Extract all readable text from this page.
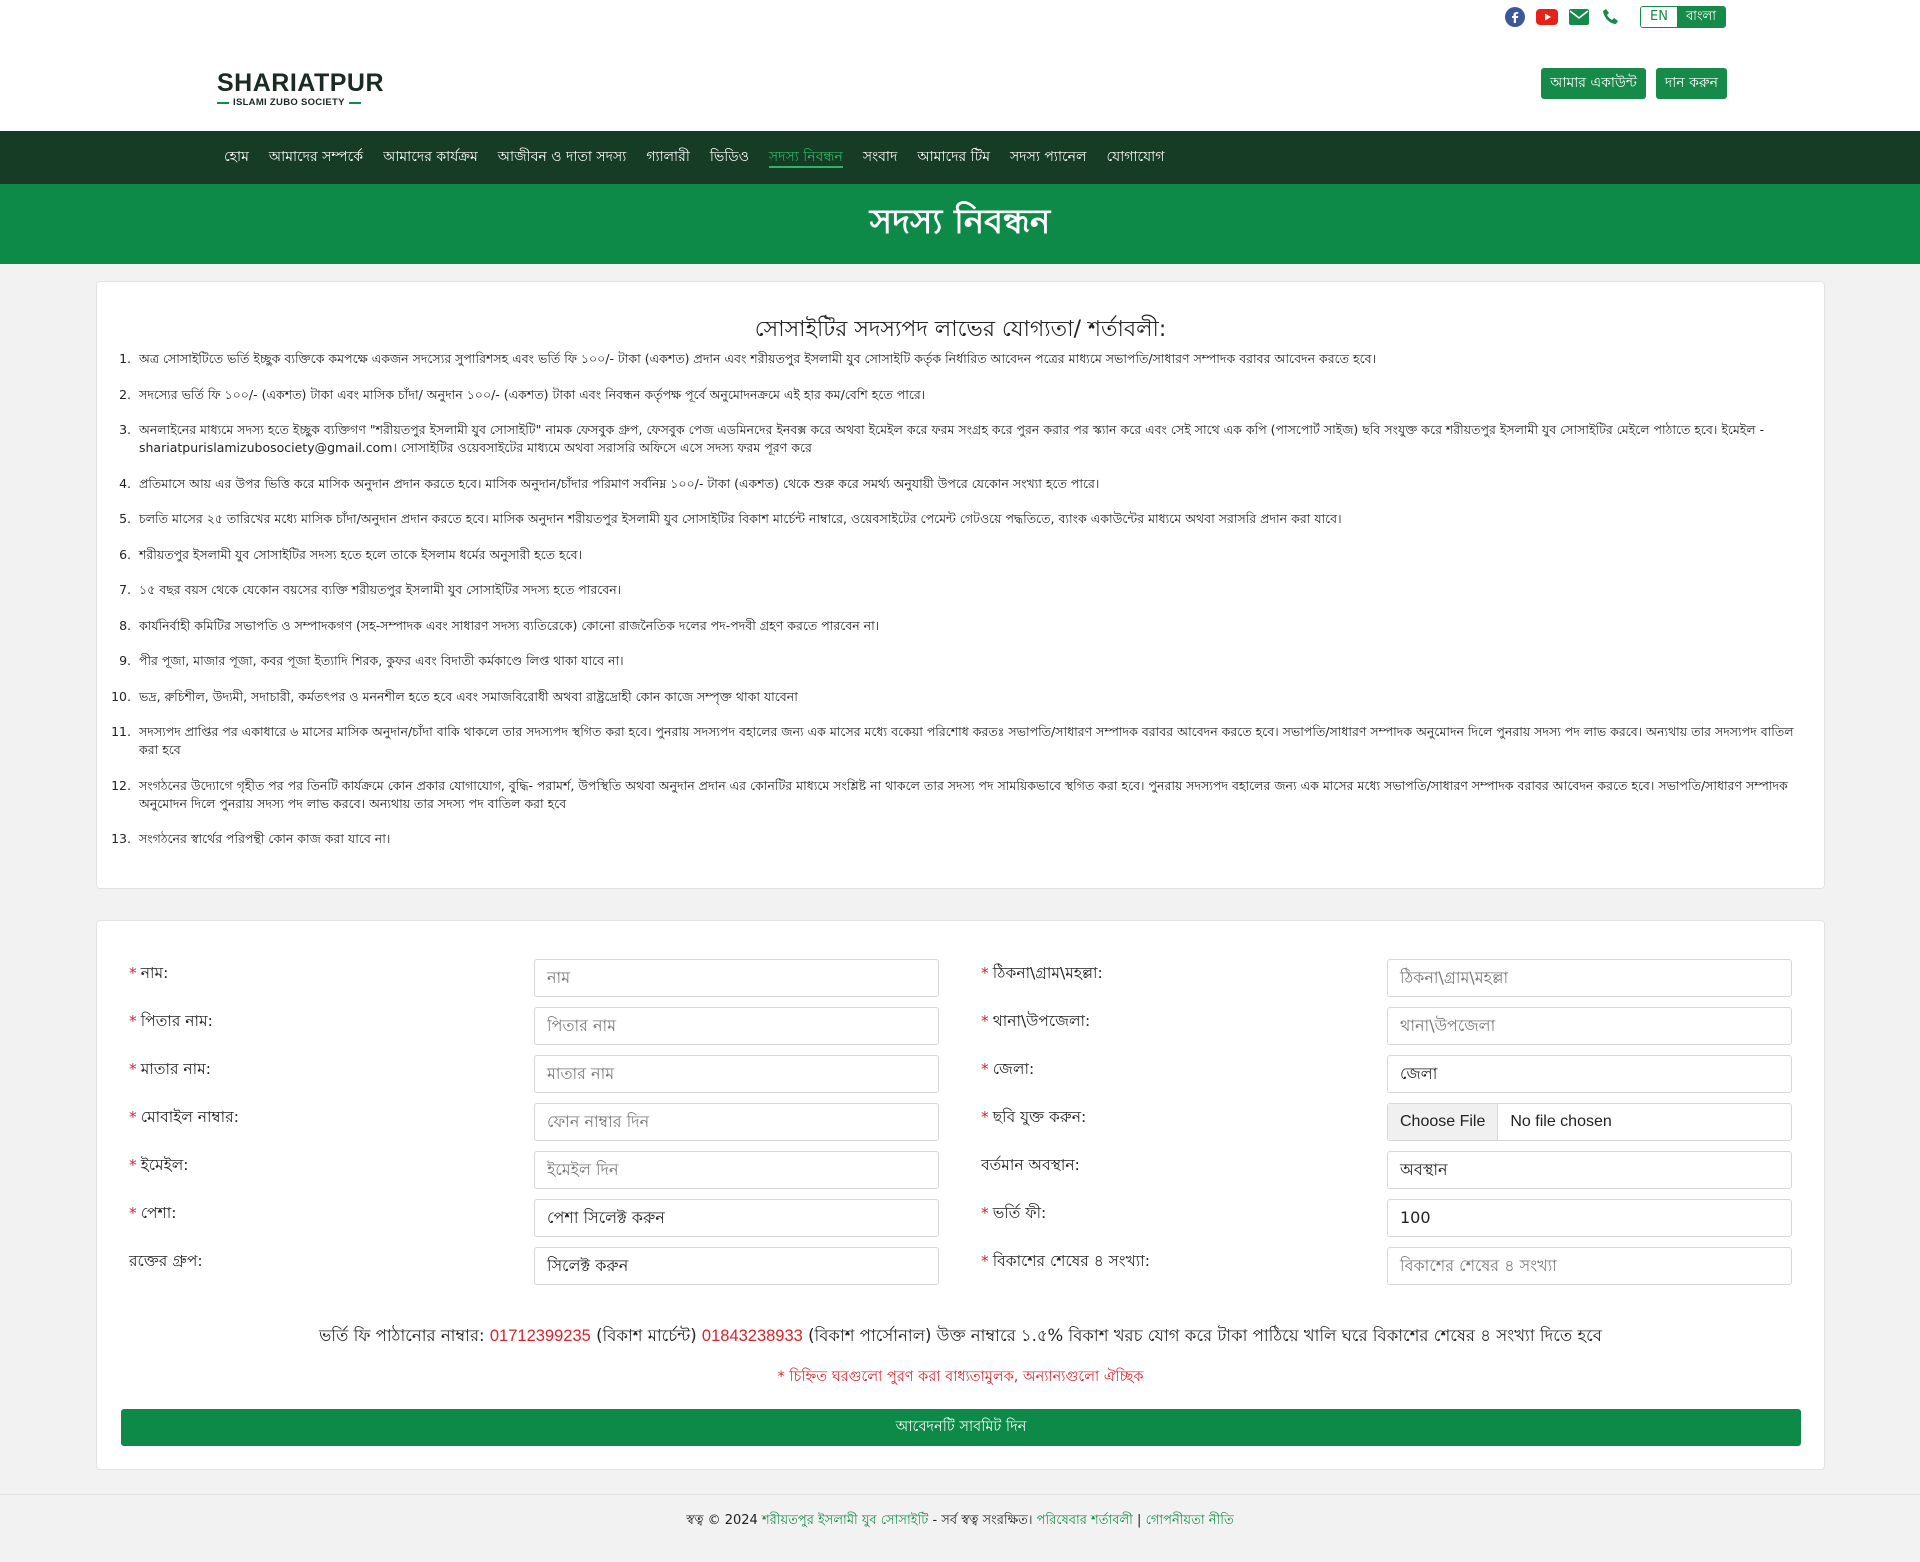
EN	বাংলা
SHARIATPUR
ISLAMI ZUBO SOCIETY
আমার একাউন্ট	দান করুন
হোম	আমাদের সম্পর্কে	আমাদের কার্যক্রম	আজীবন ও দাতা সদস্য	গ্যালারী	ভিডিও	সদস্য নিবন্ধন	সংবাদ	আমাদের টিম	সদস্য প্যানেল	যোগাযোগ
সদস্য নিবন্ধন
সোসাইটির সদস্যপদ লাভের যোগ্যতা/ শর্তাবলী:
1. অত্র সোসাইটিতে ভর্তি ইচ্ছুক ব্যক্তিকে কমপক্ষে একজন সদস্যের সুপারিশসহ এবং ভর্তি ফি ১০০/- টাকা (একশত) প্রদান এবং শরীয়তপুর ইসলামী যুব সোসাইটি কর্তৃক নির্ধারিত আবেদন পত্রের মাধ্যমে সভাপতি/সাধারণ সম্পাদক বরাবর আবেদন করতে হবে।
2. সদস্যের ভর্তি ফি ১০০/- (একশত) টাকা এবং মাসিক চাঁদা/ অনুদান ১০০/- (একশত) টাকা এবং নিবন্ধন কর্তৃপক্ষ পূর্বে অনুমোদনক্রমে এই হার কম/বেশি হতে পারে।
3. অনলাইনের মাধ্যমে সদস্য হতে ইচ্ছুক ব্যক্তিগণ "শরীয়তপুর ইসলামী যুব সোসাইটি" নামক ফেসবুক গ্রুপ, ফেসবুক পেজ এডমিনদের ইনবক্স করে অথবা ইমেইল করে ফরম সংগ্রহ করে পুরন করার পর স্ক্যান করে এবং সেই সাথে এক কপি (পাসপোর্ট সাইজ) ছবি সংযুক্ত করে শরীয়তপুর ইসলামী যুব সোসাইটির মেইলে পাঠাতে হবে। ইমেইল - shariatpurislamizubosociety@gmail.com। সোসাইটির ওয়েবসাইটের মাধ্যমে অথবা সরাসরি অফিসে এসে সদস্য ফরম পূরণ করে
4. প্রতিমাসে আয় এর উপর ভিত্তি করে মাসিক অনুদান প্রদান করতে হবে। মাসিক অনুদান/চাঁদার পরিমাণ সর্বনিম্ন ১০০/- টাকা (একশত) থেকে শুরু করে সমর্থ্য অনুযায়ী উপরে যেকোন সংখ্যা হতে পারে।
5. চলতি মাসের ২৫ তারিখের মধ্যে মাসিক চাঁদা/অনুদান প্রদান করতে হবে। মাসিক অনুদান শরীয়তপুর ইসলামী যুব সোসাইটির বিকাশ মার্চেন্ট নাম্বারে, ওয়েবসাইটের পেমেন্ট গেটওয়ে পদ্ধতিতে, ব্যাংক একাউন্টের মাধ্যমে অথবা সরাসরি প্রদান করা যাবে।
6. শরীয়তপুর ইসলামী যুব সোসাইটির সদস্য হতে হলে তাকে ইসলাম ধর্মের অনুসারী হতে হবে।
7. ১৫ বছর বয়স থেকে যেকোন বয়সের ব্যক্তি শরীয়তপুর ইসলামী যুব সোসাইটির সদস্য হতে পারবেন।
8. কার্যনির্বাহী কমিটির সভাপতি ও সম্পাদকগণ (সহ-সম্পাদক এবং সাধারণ সদস্য ব্যতিরেকে) কোনো রাজনৈতিক দলের পদ-পদবী গ্রহণ করতে পারবেন না।
9. পীর পূজা, মাজার পূজা, কবর পূজা ইত্যাদি শিরক, কুফর এবং বিদাতী কর্মকাণ্ডে লিপ্ত থাকা যাবে না।
10. ভদ্র, রুচিশীল, উদ্যমী, সদাচারী, কর্মতৎপর ও মননশীল হতে হবে এবং সমাজবিরোধী অথবা রাষ্ট্রদ্রোহী কোন কাজে সম্পৃক্ত থাকা যাবেনা
11. সদস্যপদ প্রাপ্তির পর একাধারে ৬ মাসের মাসিক অনুদান/চাঁদা বাকি থাকলে তার সদস্যপদ স্থগিত করা হবে। পুনরায় সদস্যপদ বহালের জন্য এক মাসের মধ্যে বকেয়া পরিশোধ করতঃ সভাপতি/সাধারণ সম্পাদক বরাবর আবেদন করতে হবে। সভাপতি/সাধারণ সম্পাদক অনুমোদন দিলে পুনরায় সদস্য পদ লাভ করবে। অন্যথায় তার সদস্যপদ বাতিল করা হবে
12. সংগঠনের উদ্যোগে গৃহীত পর পর তিনটি কার্যক্রমে কোন প্রকার যোগাযোগ, বুদ্ধি- পরামর্শ, উপস্থিতি অথবা অনুদান প্রদান এর কোনটির মাধ্যমে সংশ্লিষ্ট না থাকলে তার সদস্য পদ সাময়িকভাবে স্থগিত করা হবে। পুনরায় সদস্যপদ বহালের জন্য এক মাসের মধ্যে সভাপতি/সাধারণ সম্পাদক বরাবর আবেদন করতে হবে। সভাপতি/সাধারণ সম্পাদক অনুমোদন দিলে পুনরায় সদস্য পদ লাভ করবে। অন্যথায় তার সদস্য পদ বাতিল করা হবে
13. সংগঠনের স্বার্থের পরিপন্থী কোন কাজ করা যাবে না।
* নাম:	নাম
* পিতার নাম:	পিতার নাম
* মাতার নাম:	মাতার নাম
* মোবাইল নাম্বার:	ফোন নাম্বার দিন
* ইমেইল:	ইমেইল দিন
* পেশা:	পেশা সিলেক্ট করুন
রক্তের গ্রুপ:	সিলেক্ট করুন
* ঠিকনা\গ্রাম\মহল্লা:	ঠিকনা\গ্রাম\মহল্লা
* থানা\উপজেলা:	থানা\উপজেলা
* জেলা:	জেলা
* ছবি যুক্ত করুন:	Choose File	No file chosen
বর্তমান অবস্থান:	অবস্থান
* ভর্তি ফী:	100
* বিকাশের শেষের ৪ সংখ্যা:	বিকাশের শেষের ৪ সংখ্যা
ভর্তি ফি পাঠানোর নাম্বার: 01712399235 (বিকাশ মার্চেন্ট) 01843238933 (বিকাশ পার্সোনাল) উক্ত নাম্বারে ১.৫% বিকাশ খরচ যোগ করে টাকা পাঠিয়ে খালি ঘরে বিকাশের শেষের ৪ সংখ্যা দিতে হবে
* চিহ্নিত ঘরগুলো পুরণ করা বাধ্যতামুলক, অন্যান্যগুলো ঐচ্ছিক
আবেদনটি সাবমিট দিন
স্বত্ব © 2024 শরীয়তপুর ইসলামী যুব সোসাইটি - সর্ব স্বত্ব সংরক্ষিত। পরিষেবার শর্তাবলী | গোপনীয়তা নীতি
